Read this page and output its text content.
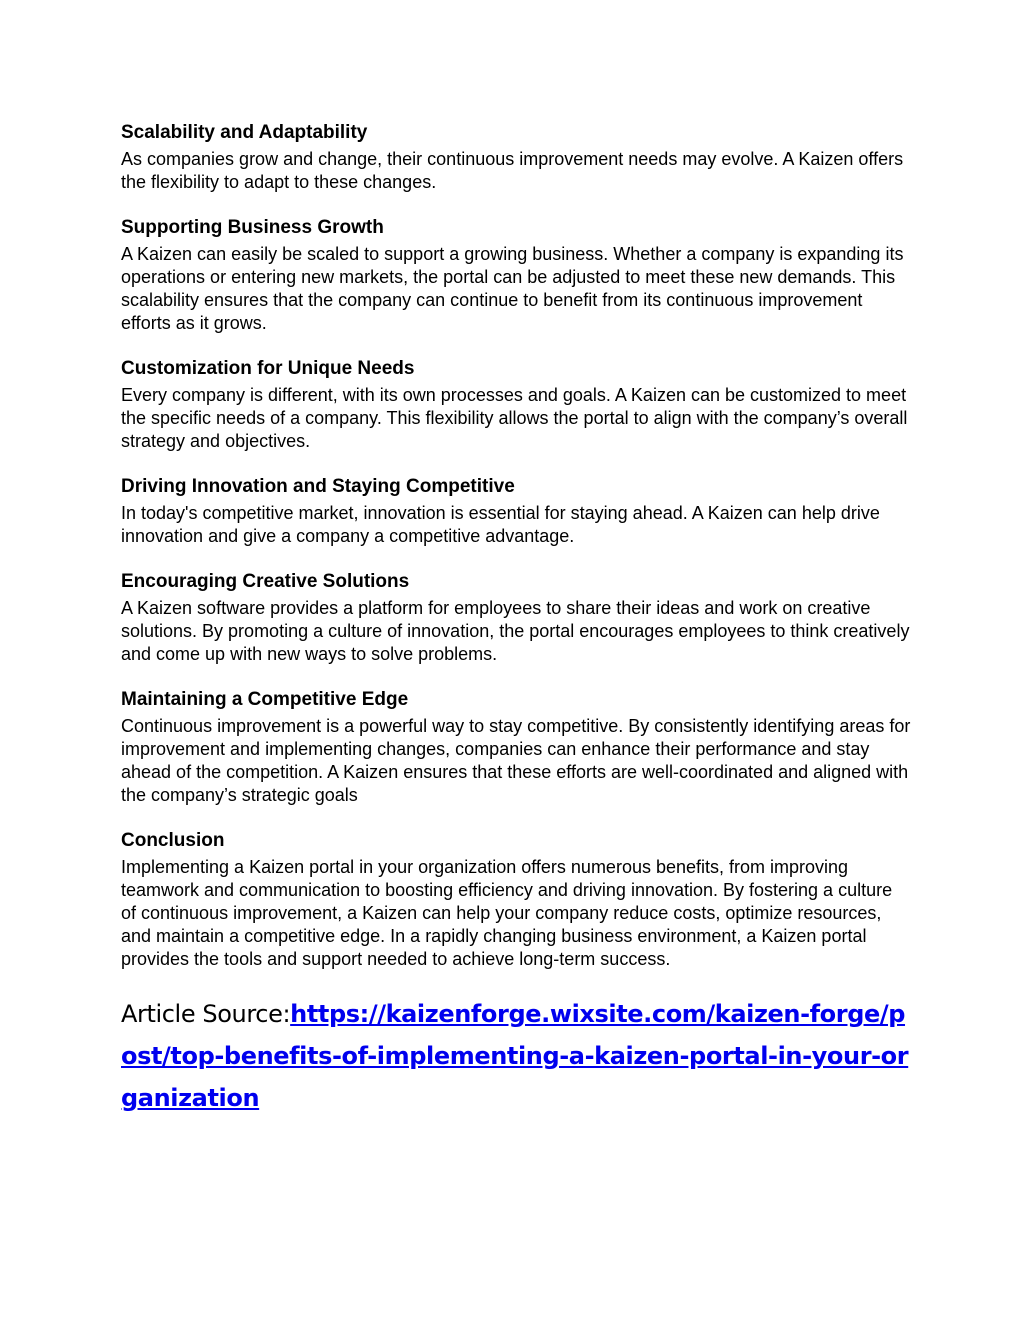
Scalability and Adaptability

As companies grow and change, their continuous improvement needs may evolve. A Kaizen offers the flexibility to adapt to these changes.

Supporting Business Growth

A Kaizen can easily be scaled to support a growing business. Whether a company is expanding its operations or entering new markets, the portal can be adjusted to meet these new demands. This scalability ensures that the company can continue to benefit from its continuous improvement efforts as it grows.

Customization for Unique Needs

Every company is different, with its own processes and goals. A Kaizen can be customized to meet the specific needs of a company. This flexibility allows the portal to align with the company’s overall strategy and objectives.

Driving Innovation and Staying Competitive

In today's competitive market, innovation is essential for staying ahead. A Kaizen can help drive innovation and give a company a competitive advantage.

Encouraging Creative Solutions

A Kaizen software provides a platform for employees to share their ideas and work on creative solutions. By promoting a culture of innovation, the portal encourages employees to think creatively and come up with new ways to solve problems.

Maintaining a Competitive Edge

Continuous improvement is a powerful way to stay competitive. By consistently identifying areas for improvement and implementing changes, companies can enhance their performance and stay ahead of the competition. A Kaizen ensures that these efforts are well-coordinated and aligned with the company’s strategic goals

Conclusion

Implementing a Kaizen portal in your organization offers numerous benefits, from improving teamwork and communication to boosting efficiency and driving innovation. By fostering a culture of continuous improvement, a Kaizen can help your company reduce costs, optimize resources, and maintain a competitive edge. In a rapidly changing business environment, a Kaizen portal provides the tools and support needed to achieve long-term success.

Article Source:https://kaizenforge.wixsite.com/kaizen-forge/post/top-benefits-of-implementing-a-kaizen-portal-in-your-organization
